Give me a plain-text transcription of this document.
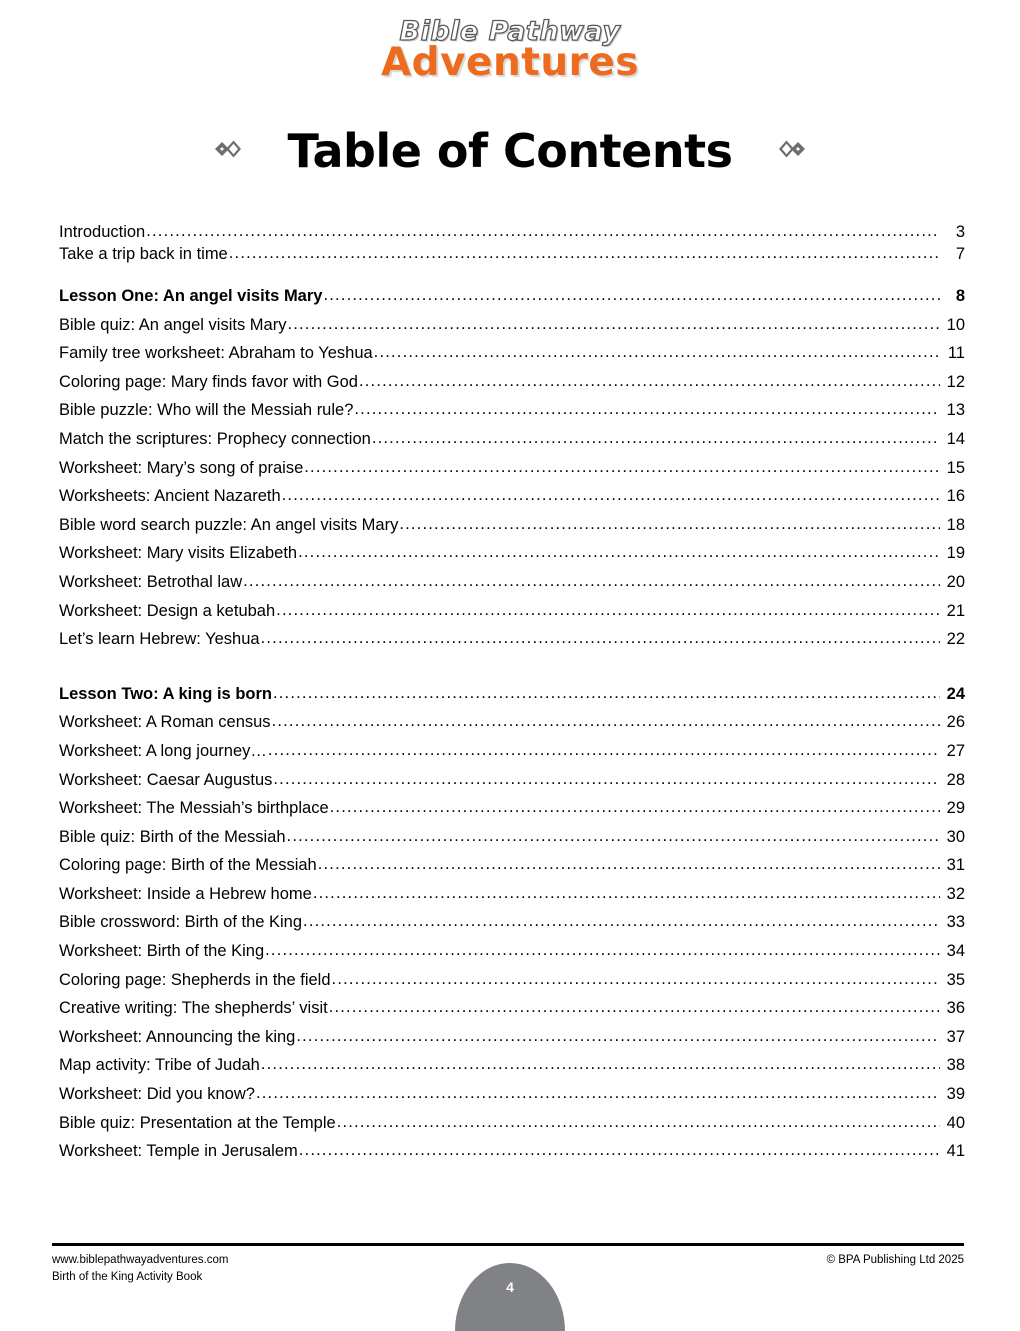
Bible Pathway
Adventures
Table of Contents
Introduction .....	3
Take a trip back in time .....	7
Lesson One: An angel visits Mary .....	8
Bible quiz: An angel visits Mary .....	10
Family tree worksheet: Abraham to Yeshua .....	11
Coloring page: Mary finds favor with God .....	12
Bible puzzle: Who will the Messiah rule? .....	13
Match the scriptures: Prophecy connection .....	14
Worksheet: Mary’s song of praise .....	15
Worksheets: Ancient Nazareth .....	16
Bible word search puzzle: An angel visits Mary .....	18
Worksheet: Mary visits Elizabeth .....	19
Worksheet: Betrothal law .....	20
Worksheet: Design a ketubah .....	21
Let’s learn Hebrew: Yeshua .....	22
Lesson Two: A king is born .....	24
Worksheet: A Roman census .....	26
Worksheet: A long journey… .....	27
Worksheet: Caesar Augustus .....	28
Worksheet: The Messiah’s birthplace .....	29
Bible quiz: Birth of the Messiah .....	30
Coloring page: Birth of the Messiah .....	31
Worksheet: Inside a Hebrew home .....	32
Bible crossword: Birth of the King .....	33
Worksheet: Birth of the King .....	34
Coloring page: Shepherds in the field .....	35
Creative writing: The shepherds’ visit .....	36
Worksheet: Announcing the king .....	37
Map activity: Tribe of Judah .....	38
Worksheet: Did you know? .....	39
Bible quiz: Presentation at the Temple .....	40
Worksheet: Temple in Jerusalem .....	41
www.biblepathwayadventures.com
Birth of the King Activity Book
© BPA Publishing Ltd 2025
4
